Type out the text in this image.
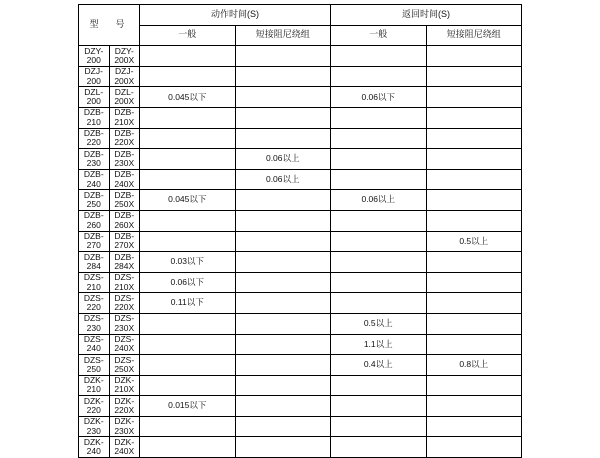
型　号		动作时间(S)		返回时间(S)	
		一般	短接阻尼绕组	一般	短接阻尼绕组
DZY-200	DZY-200X				
DZJ-200	DZJ-200X				
DZL-200	DZL-200X	0.045以下		0.06以下	
DZB-210	DZB-210X				
DZB-220	DZB-220X				
DZB-230	DZB-230X		0.06以上		
DZB-240	DZB-240X		0.06以上		
DZB-250	DZB-250X	0.045以下		0.06以上	
DZB-260	DZB-260X				
DZB-270	DZB-270X				0.5以上
DZB-284	DZB-284X	0.03以下			
DZS-210	DZS-210X	0.06以下			
DZS-220	DZS-220X	0.11以下			
DZS-230	DZS-230X			0.5以上	
DZS-240	DZS-240X			1.1以上	
DZS-250	DZS-250X			0.4以上	0.8以上
DZK-210	DZK-210X				
DZK-220	DZK-220X	0.015以下			
DZK-230	DZK-230X				
DZK-240	DZK-240X				
